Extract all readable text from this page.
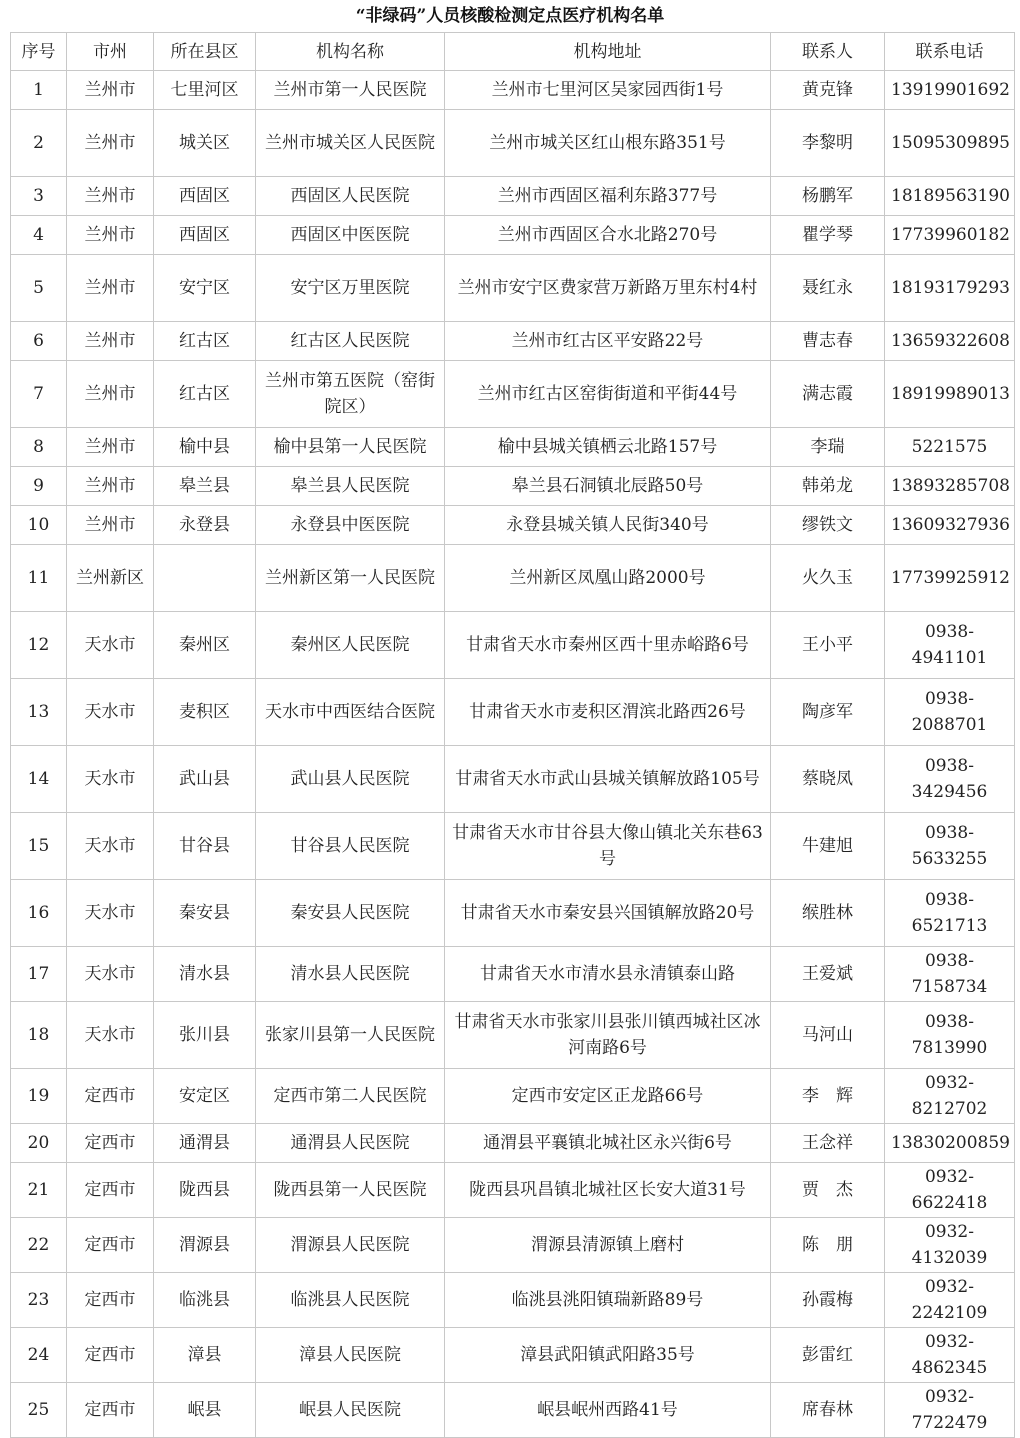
“非绿码”人员核酸检测定点医疗机构名单
序号	市州	所在县区	机构名称	机构地址	联系人	联系电话
1	兰州市	七里河区	兰州市第一人民医院	兰州市七里河区吴家园西街1号	黄克锋	13919901692
2	兰州市	城关区	兰州市城关区人民医院	兰州市城关区红山根东路351号	李黎明	15095309895
3	兰州市	西固区	西固区人民医院	兰州市西固区福利东路377号	杨鹏军	18189563190
4	兰州市	西固区	西固区中医医院	兰州市西固区合水北路270号	瞿学琴	17739960182
5	兰州市	安宁区	安宁区万里医院	兰州市安宁区费家营万新路万里东村4村	聂红永	18193179293
6	兰州市	红古区	红古区人民医院	兰州市红古区平安路22号	曹志春	13659322608
7	兰州市	红古区	兰州市第五医院（窑街院区）	兰州市红古区窑街街道和平街44号	满志霞	18919989013
8	兰州市	榆中县	榆中县第一人民医院	榆中县城关镇栖云北路157号	李瑞	5221575
9	兰州市	皋兰县	皋兰县人民医院	皋兰县石洞镇北辰路50号	韩弟龙	13893285708
10	兰州市	永登县	永登县中医医院	永登县城关镇人民街340号	缪铁文	13609327936
11	兰州新区		兰州新区第一人民医院	兰州新区凤凰山路2000号	火久玉	17739925912
12	天水市	秦州区	秦州区人民医院	甘肃省天水市秦州区西十里赤峪路6号	王小平	0938-4941101
13	天水市	麦积区	天水市中西医结合医院	甘肃省天水市麦积区渭滨北路西26号	陶彦军	0938-2088701
14	天水市	武山县	武山县人民医院	甘肃省天水市武山县城关镇解放路105号	蔡晓凤	0938-3429456
15	天水市	甘谷县	甘谷县人民医院	甘肃省天水市甘谷县大像山镇北关东巷63号	牛建旭	0938-5633255
16	天水市	秦安县	秦安县人民医院	甘肃省天水市秦安县兴国镇解放路20号	缑胜林	0938-6521713
17	天水市	清水县	清水县人民医院	甘肃省天水市清水县永清镇泰山路	王爱斌	0938-7158734
18	天水市	张川县	张家川县第一人民医院	甘肃省天水市张家川县张川镇西城社区冰河南路6号	马河山	0938-7813990
19	定西市	安定区	定西市第二人民医院	定西市安定区正龙路66号	李　辉	0932-8212702
20	定西市	通渭县	通渭县人民医院	通渭县平襄镇北城社区永兴街6号	王念祥	13830200859
21	定西市	陇西县	陇西县第一人民医院	陇西县巩昌镇北城社区长安大道31号	贾　杰	0932-6622418
22	定西市	渭源县	渭源县人民医院	渭源县清源镇上磨村	陈　朋	0932-4132039
23	定西市	临洮县	临洮县人民医院	临洮县洮阳镇瑞新路89号	孙霞梅	0932-2242109
24	定西市	漳县	漳县人民医院	漳县武阳镇武阳路35号	彭雷红	0932-4862345
25	定西市	岷县	岷县人民医院	岷县岷州西路41号	席春林	0932-7722479
